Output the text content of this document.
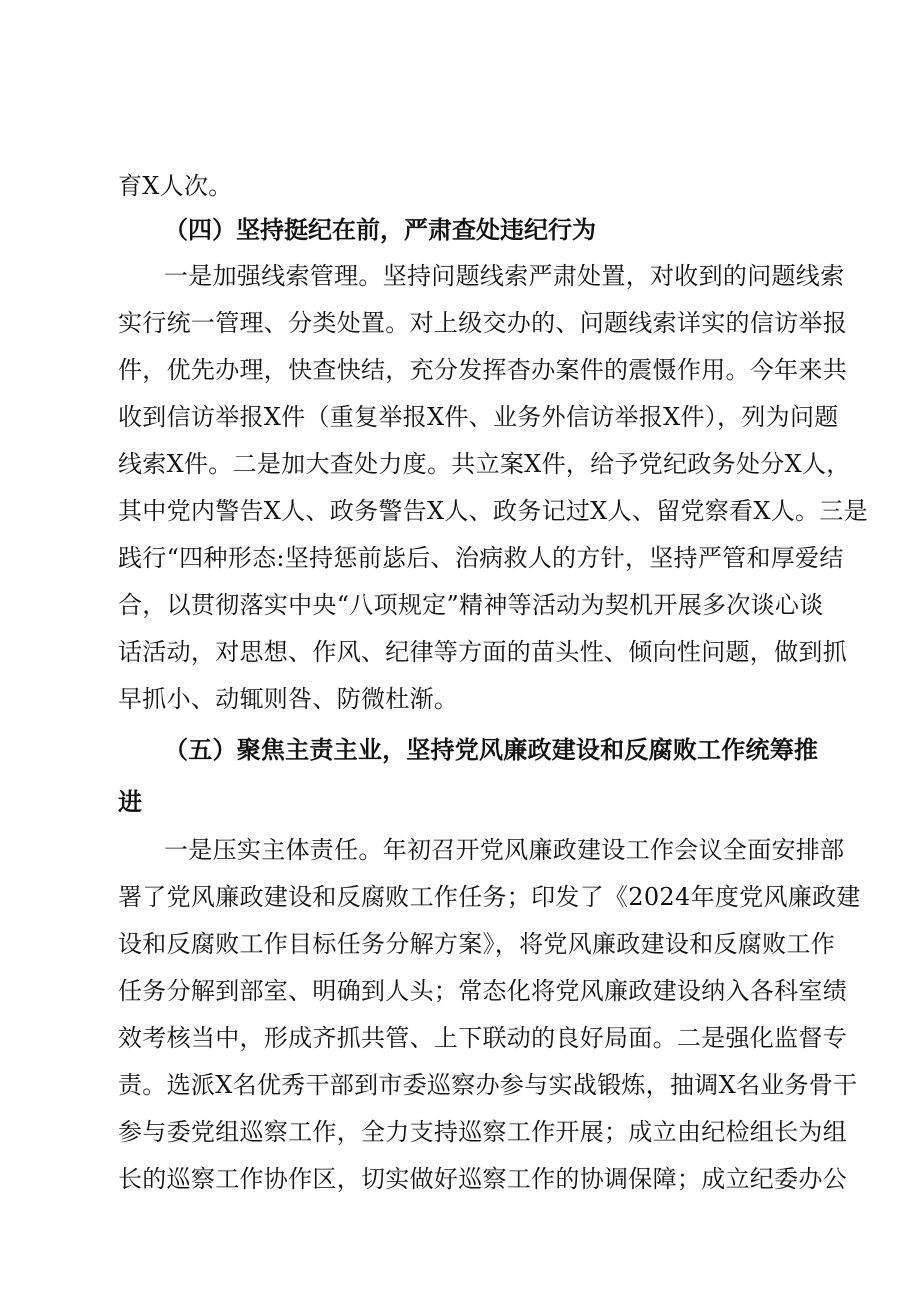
育X人次。
（四）坚持挺纪在前，严肃查处违纪行为
一是加强线索管理。坚持问题线索严肃处置，对收到的问题线索
实行统一管理、分类处置。对上级交办的、问题线索详实的信访举报
件，优先办理，快查快结，充分发挥杳办案件的震慑作用。今年来共
收到信访举报X件（重复举报X件、业务外信访举报X件），列为问题
线索X件。二是加大查处力度。共立案X件，给予党纪政务处分X人，
其中党内警告X人、政务警告X人、政务记过X人、留党察看X人。三是
践行“四种形态:坚持惩前毖后、治病救人的方针，坚持严管和厚爱结
合，以贯彻落实中央“八项规定”精神等活动为契机开展多次谈心谈
话活动，对思想、作风、纪律等方面的苗头性、倾向性问题，做到抓
早抓小、动辄则咎、防微杜渐。
（五）聚焦主责主业，坚持党风廉政建设和反腐败工作统筹推
进
一是压实主体责任。年初召开党风廉政建设工作会议全面安排部
署了党风廉政建设和反腐败工作任务；印发了《2024年度党风廉政建
设和反腐败工作目标任务分解方案》，将党风廉政建设和反腐败工作
任务分解到部室、明确到人头；常态化将党风廉政建设纳入各科室绩
效考核当中，形成齐抓共管、上下联动的良好局面。二是强化监督专
责。选派X名优秀干部到市委巡察办参与实战锻炼，抽调X名业务骨干
参与委党组巡察工作，全力支持巡察工作开展；成立由纪检组长为组
长的巡察工作协作区，切实做好巡察工作的协调保障；成立纪委办公
